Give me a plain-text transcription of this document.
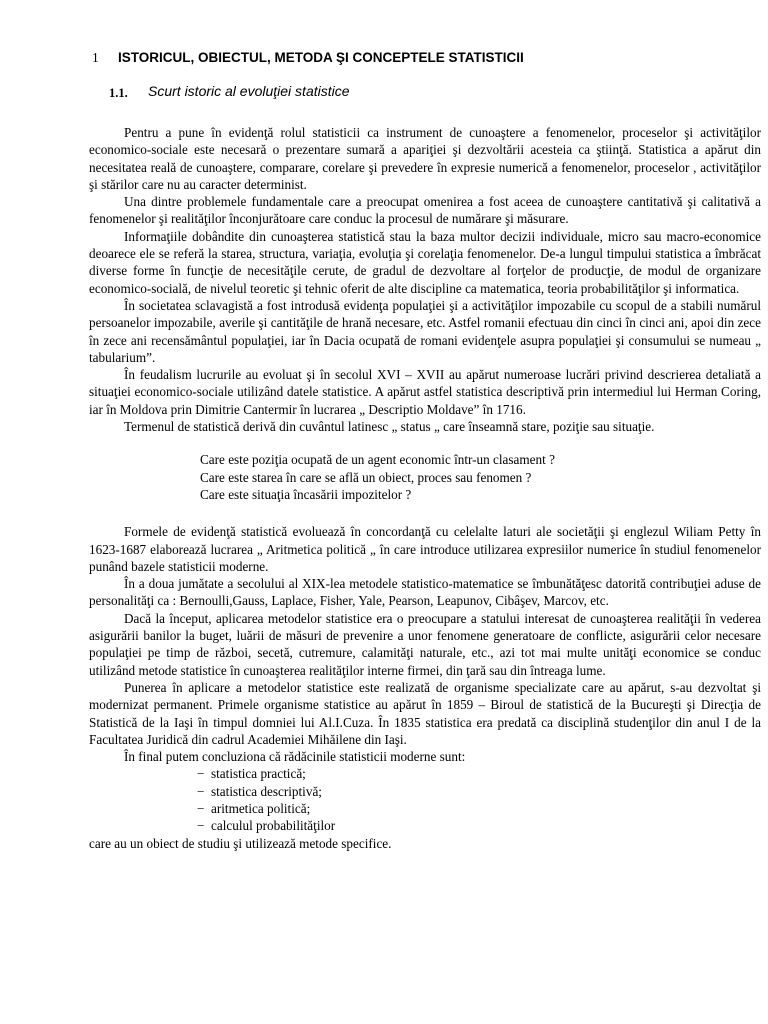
1 ISTORICUL, OBIECTUL, METODA ŞI CONCEPTELE STATISTICII
1.1. Scurt istoric al evoluţiei statistice

Pentru a pune în evidenţă rolul statisticii ca instrument de cunoaştere a fenomenelor, proceselor şi activităţilor economico-sociale este necesară o prezentare sumară a apariţiei şi dezvoltării acesteia ca ştiinţă. Statistica a apărut din necesitatea reală de cunoaştere, comparare, corelare şi prevedere în expresie numerică a fenomenelor, proceselor , activităţilor şi stărilor care nu au caracter determinist.

Una dintre problemele fundamentale care a preocupat omenirea a fost aceea de cunoaştere cantitativă şi calitativă a fenomenelor şi realităţilor înconjurătoare care conduc la procesul de numărare şi măsurare.

Informaţiile dobândite din cunoaşterea statistică stau la baza multor decizii individuale, micro sau macro-economice deoarece ele se referă la starea, structura, variaţia, evoluţia şi corelaţia fenomenelor. De-a lungul timpului statistica a îmbrăcat diverse forme în funcţie de necesităţile cerute, de gradul de dezvoltare al forţelor de producţie, de modul de organizare economico-socială, de nivelul teoretic şi tehnic oferit de alte discipline ca matematica, teoria probabilităţilor şi informatica.

În societatea sclavagistă a fost introdusă evidenţa populaţiei şi a activităţilor impozabile cu scopul de a stabili numărul persoanelor impozabile, averile şi cantităţile de hrană necesare, etc. Astfel romanii efectuau din cinci în cinci ani, apoi din zece în zece ani recensământul populaţiei, iar în Dacia ocupată de romani evidenţele asupra populaţiei şi consumului se numeau „ tabularium”.

În feudalism lucrurile au evoluat şi în secolul XVI – XVII au apărut numeroase lucrări privind descrierea detaliată a situaţiei economico-sociale utilizând datele statistice. A apărut astfel statistica descriptivă prin intermediul lui Herman Coring, iar în Moldova prin Dimitrie Cantermir în lucrarea „ Descriptio Moldave” în 1716.

Termenul de statistică derivă din cuvântul latinesc „ status „ care înseamnă stare, poziţie sau situaţie.

Care este poziţia ocupată de un agent economic într-un clasament ?
Care este starea în care se află un obiect, proces sau fenomen ?
Care este situaţia încasării impozitelor ?

Formele de evidenţă statistică evoluează în concordanţă cu celelalte laturi ale societăţii şi englezul Wiliam Petty în 1623-1687 elaborează lucrarea „ Aritmetica politică „ în care introduce utilizarea expresiilor numerice în studiul fenomenelor punând bazele statisticii moderne.

În a doua jumătate a secolului al XIX-lea metodele statistico-matematice se îmbunătăţesc datorită contribuţiei aduse de personalităţi ca : Bernoulli,Gauss, Laplace, Fisher, Yale, Pearson, Leapunov, Cibâşev, Marcov, etc.

Dacă la început, aplicarea metodelor statistice era o preocupare a statului interesat de cunoaşterea realităţii în vederea asigurării banilor la buget, luării de măsuri de prevenire a unor fenomene generatoare de conflicte, asigurării celor necesare populaţiei pe timp de război, secetă, cutremure, calamităţi naturale, etc., azi tot mai multe unităţi economice se conduc utilizând metode statistice în cunoaşterea realităţilor interne firmei, din ţară sau din întreaga lume.

Punerea în aplicare a metodelor statistice este realizată de organisme specializate care au apărut, s-au dezvoltat şi modernizat permanent. Primele organisme statistice au apărut în 1859 – Biroul de statistică de la Bucureşti şi Direcţia de Statistică de la Iaşi în timpul domniei lui Al.I.Cuza. În 1835 statistica era predată ca disciplină studenţilor din anul I de la Facultatea Juridică din cadrul Academiei Mihăilene din Iaşi.

În final putem concluziona că rădăcinile statisticii moderne sunt:

− statistica practică;
− statistica descriptivă;
− aritmetica politică;
− calculul probabilităţilor

care au un obiect de studiu şi utilizează metode specifice.
